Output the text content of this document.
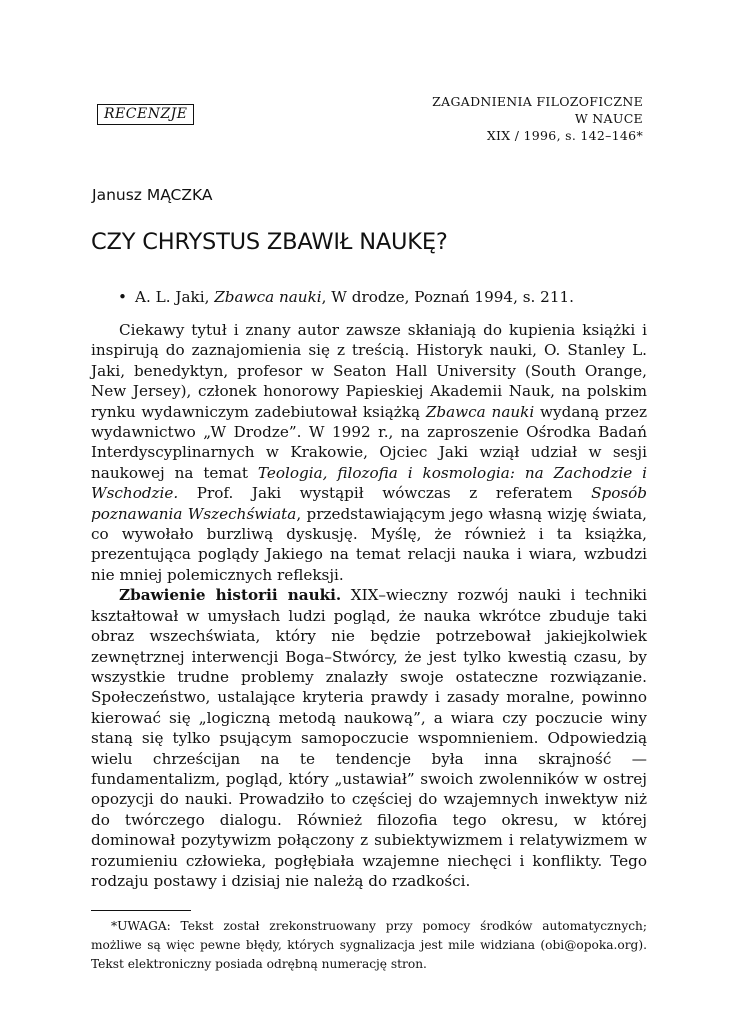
RECENZJE
ZAGADNIENIA FILOZOFICZNE
W NAUCE
XIX / 1996, s. 142–146*
Janusz MĄCZKA
CZY CHRYSTUS ZBAWIŁ NAUKĘ?
• A. L. Jaki, Zbawca nauki, W drodze, Poznań 1994, s. 211.

Ciekawy tytuł i znany autor zawsze skłaniają do kupienia książki i inspirują do zaznajomienia się z treścią. Historyk nauki, O. Stanley L. Jaki, benedyktyn, profesor w Seaton Hall University (South Orange, New Jersey), członek honorowy Papieskiej Akademii Nauk, na polskim rynku wydawniczym zadebiutował książką Zbawca nauki wydaną przez wydawnictwo „W Drodze”. W 1992 r., na zaproszenie Ośrodka Badań Interdyscyplinarnych w Krakowie, Ojciec Jaki wziął udział w sesji naukowej na temat Teologia, filozofia i kosmologia: na Zachodzie i Wschodzie. Prof. Jaki wystąpił wówczas z referatem Sposób poznawania Wszechświata, przedstawiającym jego własną wizję świata, co wywołało burzliwą dyskusję. Myślę, że również i ta książka, prezentująca poglądy Jakiego na temat relacji nauka i wiara, wzbudzi nie mniej polemicznych refleksji.

Zbawienie historii nauki. XIX–wieczny rozwój nauki i techniki kształtował w umysłach ludzi pogląd, że nauka wkrótce zbuduje taki obraz wszechświata, który nie będzie potrzebował jakiejkolwiek zewnętrznej interwencji Boga–Stwórcy, że jest tylko kwestią czasu, by wszystkie trudne problemy znalazły swoje ostateczne rozwiązanie. Społeczeństwo, ustalające kryteria prawdy i zasady moralne, powinno kierować się „logiczną metodą naukową”, a wiara czy poczucie winy staną się tylko psującym samopoczucie wspomnieniem. Odpowiedzią wielu chrześcijan na te tendencje była inna skrajność — fundamentalizm, pogląd, który „ustawiał” swoich zwolenników w ostrej opozycji do nauki. Prowadziło to częściej do wzajemnych inwektyw niż do twórczego dialogu. Również filozofia tego okresu, w której dominował pozytywizm połączony z subiektywizmem i relatywizmem w rozumieniu człowieka, pogłębiała wzajemne niechęci i konflikty. Tego rodzaju postawy i dzisiaj nie należą do rzadkości.

*UWAGA: Tekst został zrekonstruowany przy pomocy środków automatycznych; możliwe są więc pewne błędy, których sygnalizacja jest mile widziana (obi@opoka.org). Tekst elektroniczny posiada odrębną numerację stron.
